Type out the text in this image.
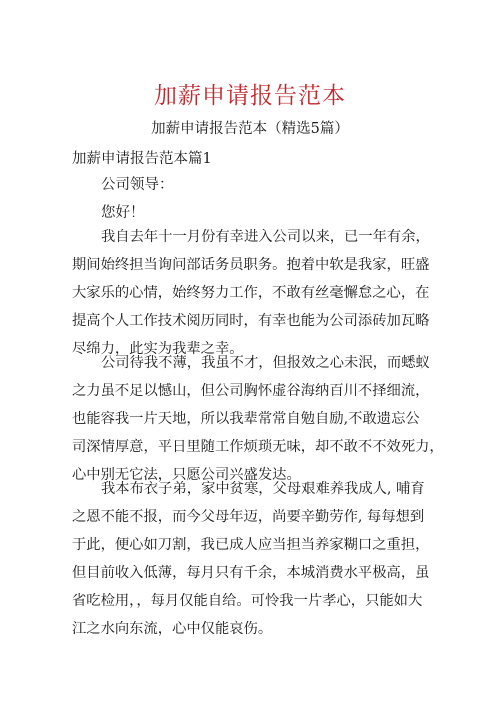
加薪申请报告范本
加薪申请报告范本（精选5篇）
加薪申请报告范本篇1
公司领导：
您好！
我自去年十一月份有幸进入公司以来，已一年有余，
期间始终担当询问部话务员职务。抱着中软是我家，旺盛
大家乐的心情，始终努力工作，不敢有丝毫懈怠之心，在
提高个人工作技术阅历同时，有幸也能为公司添砖加瓦略
尽绵力，此实为我辈之幸。
公司待我不薄，我虽不才，但报效之心未泯，而蟋蚁
之力虽不足以憾山，但公司胸怀虚谷海纳百川不择细流，
也能容我一片天地，所以我辈常常自勉自励,不敢遗忘公
司深情厚意，平日里随工作烦琐无味，却不敢不不效死力，
心中别无它法，只愿公司兴盛发达。
我本布衣子弟，家中贫寒，父母艰难养我成人, 哺育
之恩不能不报，而今父母年迈，尚要辛勤劳作, 每每想到
于此，便心如刀割，我已成人应当担当养家糊口之重担，
但目前收入低薄，每月只有千余，本城消费水平极高，虽
省吃检用，，每月仅能自给。可怜我一片孝心，只能如大
江之水向东流，心中仅能哀伤。
